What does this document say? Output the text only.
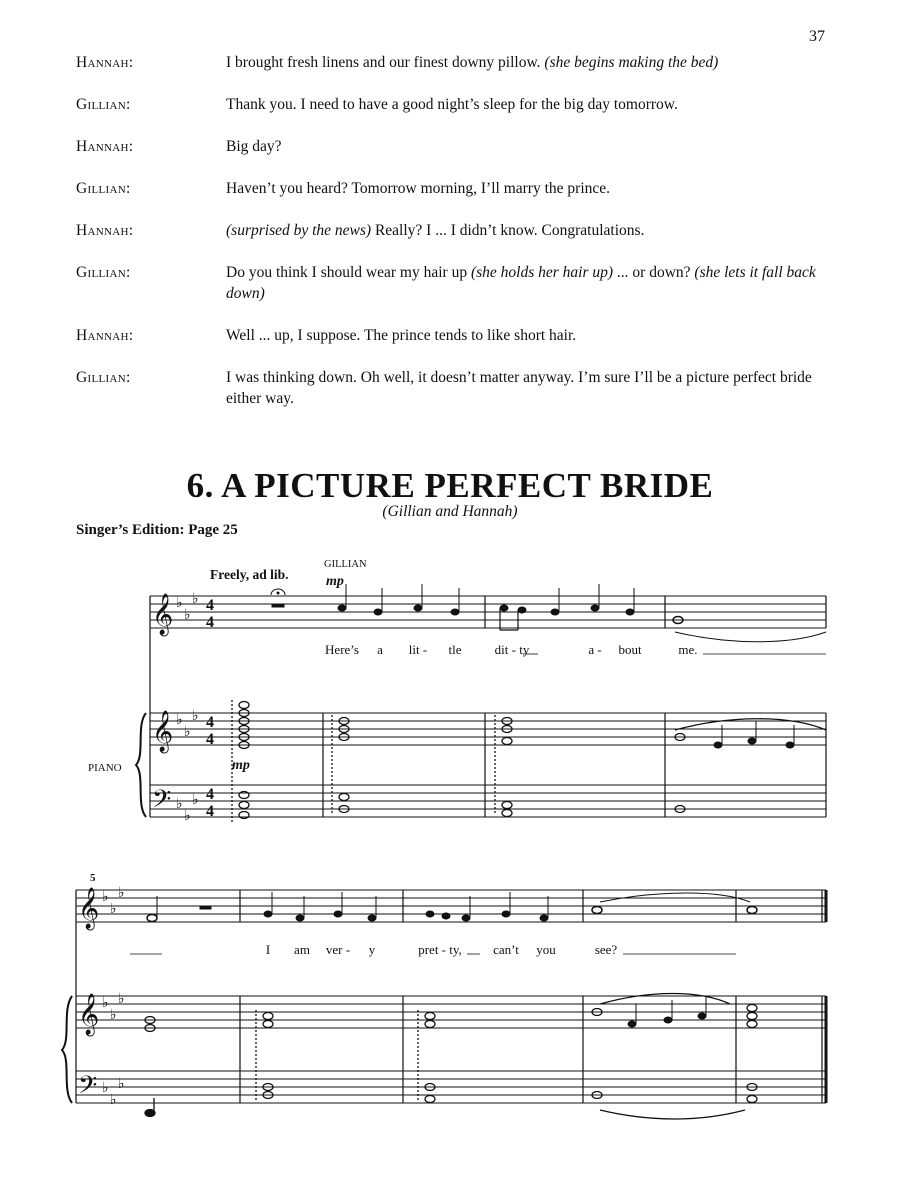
37
Hannah:	I brought fresh linens and our finest downy pillow. (she begins making the bed)
Gillian:	Thank you. I need to have a good night’s sleep for the big day tomorrow.
Hannah:	Big day?
Gillian:	Haven’t you heard? Tomorrow morning, I’ll marry the prince.
Hannah:	(surprised by the news) Really? I ... I didn’t know. Congratulations.
Gillian:	Do you think I should wear my hair up (she holds her hair up) ... or down? (she lets it fall back down)
Hannah:	Well ... up, I suppose. The prince tends to like short hair.
Gillian:	I was thinking down. Oh well, it doesn’t matter anyway. I’m sure I’ll be a picture perfect bride either way.
6. A PICTURE PERFECT BRIDE
(Gillian and Hannah)
Singer’s Edition: Page 25
𝄞
𝄞
𝄢
𝄞
𝄞
𝄢
♭
♭
♭
♭
♭
♭
♭
♭
♭
♭
♭
♭
♭
♭
♭
♭
♭
♭
4
4
4
4
4
4
Freely, ad lib.
GILLIAN
mp
mp
PIANO
5
Here’s a lit - tle	dit - ty	a - bout	me.
I am ver - y	pret - ty, can’t you	see?
